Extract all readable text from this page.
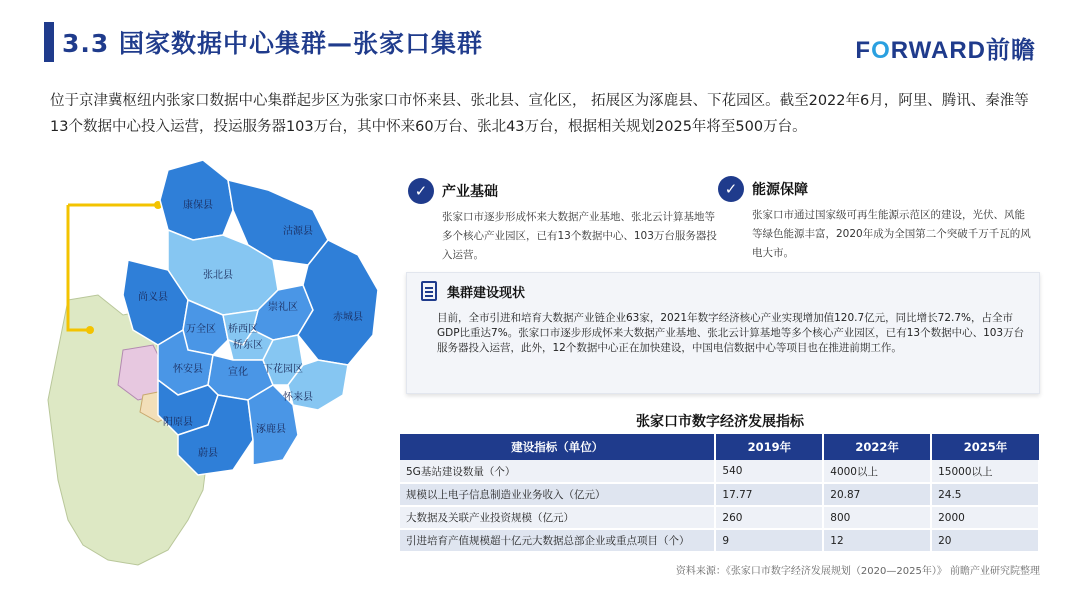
3.3 国家数据中心集群—张家口集群	FORWARD前瞻
位于京津冀枢纽内张家口数据中心集群起步区为张家口市怀来县、张北县、宣化区， 拓展区为涿鹿县、下花园区。截至2022年6月，阿里、腾讯、秦淮等13个数据中心投入运营，投运服务器103万台，其中怀来60万台、张北43万台，根据相关规划2025年将至500万台。
康保县
沽源县
张北县
尚义县
崇礼区
赤城县
万全区 桥西区
桥东区
怀安县	宣化 下花园区
怀来县
阳原县
蔚县
涿鹿县
✓	产业基础
张家口市逐步形成怀来大数据产业基地、张北云计算基地等多个核心产业园区，已有13个数据中心、103万台服务器投入运营。
✓	能源保障
张家口市通过国家级可再生能源示范区的建设，光伏、风能等绿色能源丰富，2020年成为全国第二个突破千万千瓦的风电大市。
集群建设现状
目前，全市引进和培育大数据产业链企业63家，2021年数字经济核心产业实现增加值120.7亿元，同比增长72.7%，占全市GDP比重达7%。张家口市逐步形成怀来大数据产业基地、张北云计算基地等多个核心产业园区，已有13个数据中心、103万台服务器投入运营，此外，12个数据中心正在加快建设，中国电信数据中心等项目也在推进前期工作。
张家口市数字经济发展指标
建设指标（单位）	2019年	2022年	2025年
5G基站建设数量（个）	540	4000以上	15000以上
规模以上电子信息制造业业务收入（亿元）	17.77	20.87	24.5
大数据及关联产业投资规模（亿元）	260	800	2000
引进培育产值规模超十亿元大数据总部企业或重点项目（个）	9	12	20
资料来源：《张家口市数字经济发展规划（2020—2025年）》 前瞻产业研究院整理
